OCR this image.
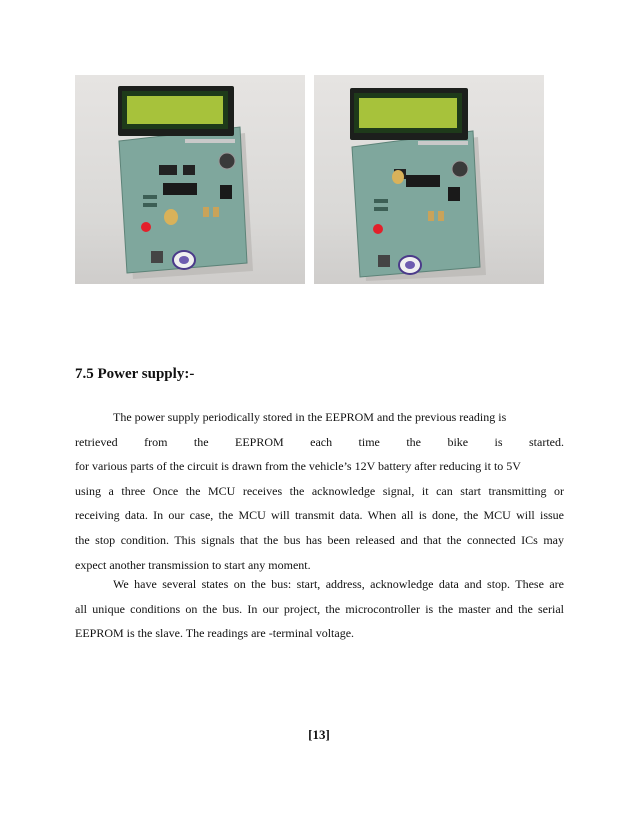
7.5 Power supply:-

The power supply periodically stored in the EEPROM and the previous reading is
retrieved from the EEPROM each time the bike is started.
for various parts of the circuit is drawn from the vehicle’s 12V battery after reducing it to 5V
using a three Once the MCU receives the acknowledge signal, it can start transmitting or
receiving data. In our case, the MCU will transmit data. When all is done, the MCU will issue
the stop condition. This signals that the bus has been released and that the connected ICs may
expect another transmission to start any moment.

We have several states on the bus: start, address, acknowledge data and stop. These are
all unique conditions on the bus. In our project, the microcontroller is the master and the serial
EEPROM is the slave. The readings are -terminal voltage.

[13]
